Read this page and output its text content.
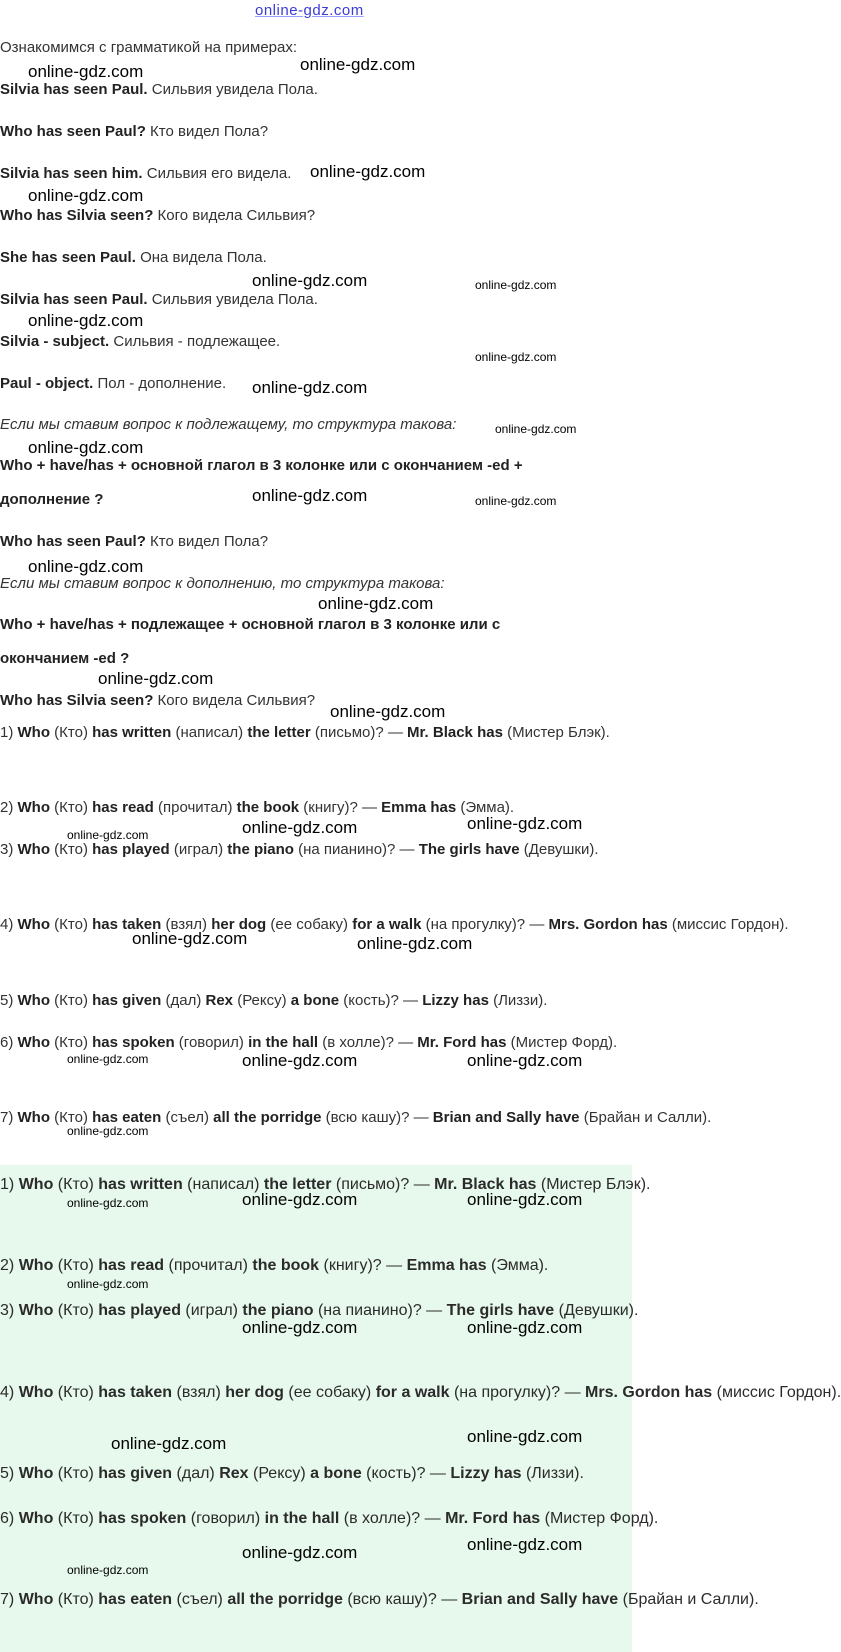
online-gdz.com
Ознакомимся с грамматикой на примерах:
Silvia has seen Paul. Сильвия увидела Пола.
Who has seen Paul? Кто видел Пола?
Silvia has seen him. Сильвия его видела.
Who has Silvia seen? Кого видела Сильвия?
She has seen Paul. Она видела Пола.
Silvia has seen Paul. Сильвия увидела Пола.
Silvia - subject. Сильвия - подлежащее.
Paul - object. Пол - дополнение.
Если мы ставим вопрос к подлежащему, то структура такова:
Who + have/has + основной глагол в 3 колонке или с окончанием -ed +
дополнение ?
Who has seen Paul? Кто видел Пола?
Если мы ставим вопрос к дополнению, то структура такова:
Who + have/has + подлежащее + основной глагол в 3 колонке или с
окончанием -ed ?
Who has Silvia seen? Кого видела Сильвия?
1) Who (Кто) has written (написал) the letter (письмо)? — Mr. Black has (Мистер Блэк).
2) Who (Кто) has read (прочитал) the book (книгу)? — Emma has (Эмма).
3) Who (Кто) has played (играл) the piano (на пианино)? — The girls have (Девушки).
4) Who (Кто) has taken (взял) her dog (ее собаку) for a walk (на прогулку)? — Mrs. Gordon has (миссис Гордон).
5) Who (Кто) has given (дал) Rex (Рексу) a bone (кость)? — Lizzy has (Лиззи).
6) Who (Кто) has spoken (говорил) in the hall (в холле)? — Mr. Ford has (Мистер Форд).
7) Who (Кто) has eaten (съел) all the porridge (всю кашу)? — Brian and Sally have (Брайан и Салли).
1) Who (Кто) has written (написал) the letter (письмо)? — Mr. Black has (Мистер Блэк).
2) Who (Кто) has read (прочитал) the book (книгу)? — Emma has (Эмма).
3) Who (Кто) has played (играл) the piano (на пианино)? — The girls have (Девушки).
4) Who (Кто) has taken (взял) her dog (ее собаку) for a walk (на прогулку)? — Mrs. Gordon has (миссис Гордон).
5) Who (Кто) has given (дал) Rex (Рексу) a bone (кость)? — Lizzy has (Лиззи).
6) Who (Кто) has spoken (говорил) in the hall (в холле)? — Mr. Ford has (Мистер Форд).
7) Who (Кто) has eaten (съел) all the porridge (всю кашу)? — Brian and Sally have (Брайан и Салли).
online-gdz.com	online-gdz.com
online-gdz.com
online-gdz.com
online-gdz.com	online-gdz.com
online-gdz.com
online-gdz.com
online-gdz.com
online-gdz.com
online-gdz.com
online-gdz.com	online-gdz.com
online-gdz.com
online-gdz.com
online-gdz.com
online-gdz.com
online-gdz.com	online-gdz.com	online-gdz.com
online-gdz.com	online-gdz.com
online-gdz.com	online-gdz.com	online-gdz.com
online-gdz.com
online-gdz.com	online-gdz.com	online-gdz.com
online-gdz.com
online-gdz.com	online-gdz.com
online-gdz.com
online-gdz.com
online-gdz.com
online-gdz.com
online-gdz.com
